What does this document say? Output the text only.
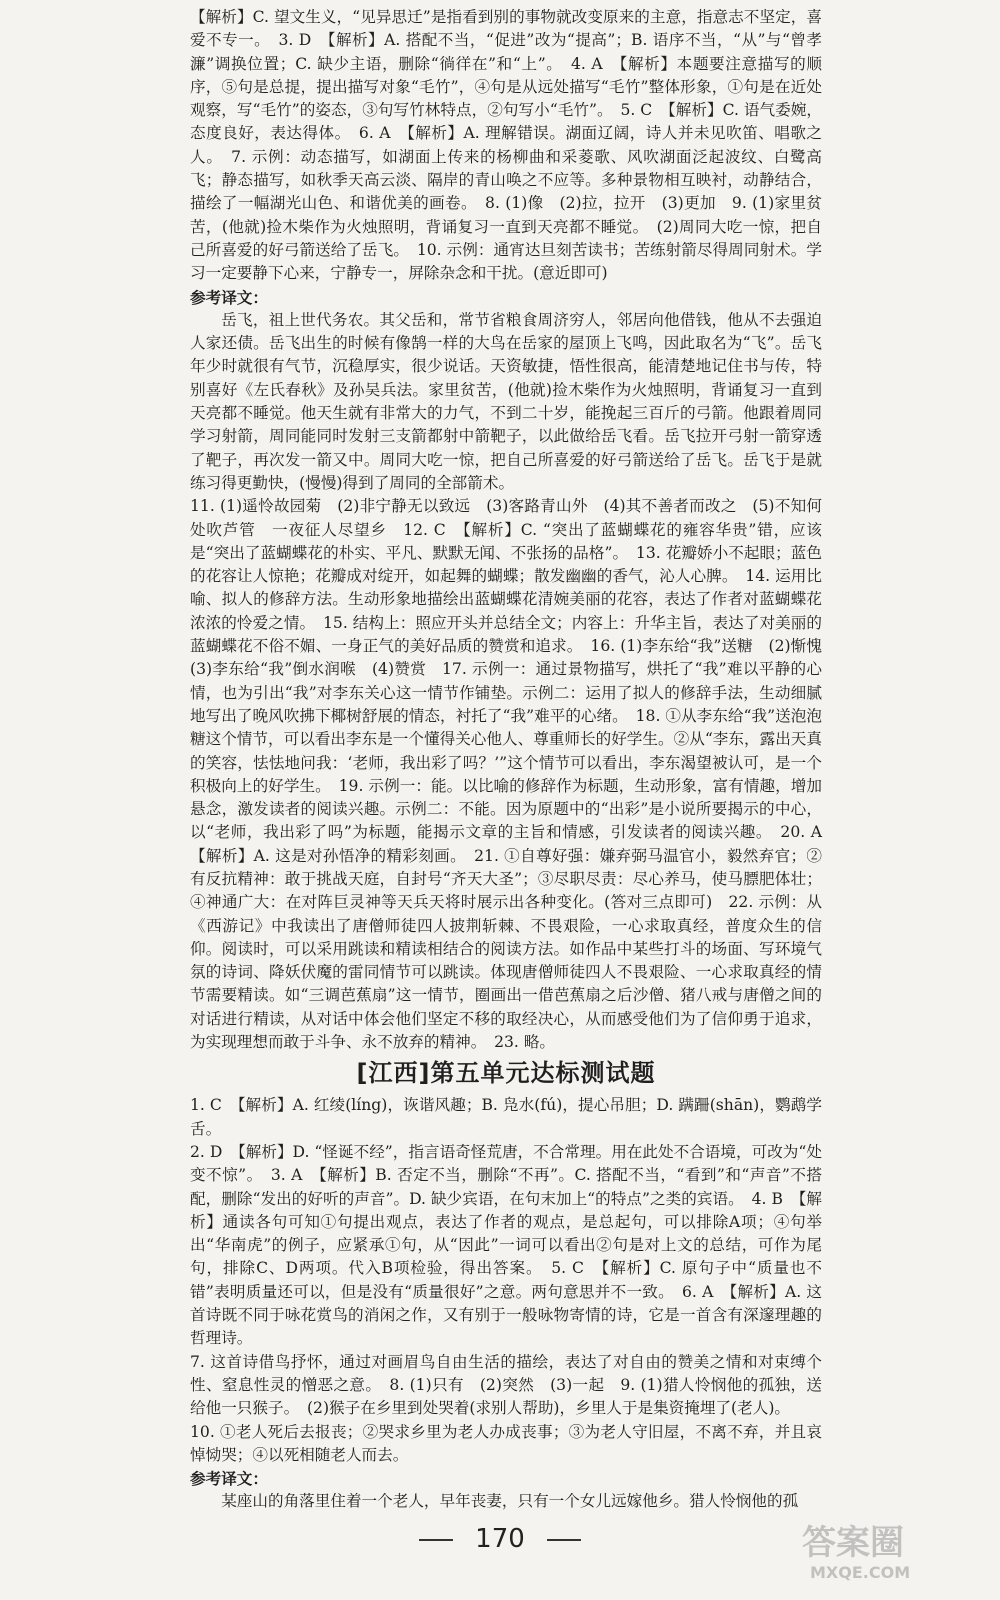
【解析】C. 望文生义，“见异思迁”是指看到别的事物就改变原来的主意，指意志不坚定，喜爱不专一。　3. D　【解析】A. 搭配不当，“促进”改为“提高”；B. 语序不当，“从”与“曾孝濂”调换位置；C. 缺少主语，删除“徜徉在”和“上”。　4. A　【解析】本题要注意描写的顺序，⑤句是总提，提出描写对象“毛竹”，④句是从远处描写“毛竹”整体形象，①句是在近处观察，写“毛竹”的姿态，③句写竹林特点，②句写小“毛竹”。　5. C　【解析】C. 语气委婉，态度良好，表达得体。　6. A　【解析】A. 理解错误。湖面辽阔，诗人并未见吹笛、唱歌之人。　7. 示例：动态描写，如湖面上传来的杨柳曲和采菱歌、风吹湖面泛起波纹、白鹭高飞；静态描写，如秋季天高云淡、隔岸的青山唤之不应等。多种景物相互映衬，动静结合，描绘了一幅湖光山色、和谐优美的画卷。　8. (1)像　(2)拉，拉开　(3)更加　9. (1)家里贫苦，(他就)捡木柴作为火烛照明，背诵复习一直到天亮都不睡觉。　(2)周同大吃一惊，把自己所喜爱的好弓箭送给了岳飞。　10. 示例：通宵达旦刻苦读书；苦练射箭尽得周同射术。学习一定要静下心来，宁静专一，屏除杂念和干扰。(意近即可)

参考译文：

岳飞，祖上世代务农。其父岳和，常节省粮食周济穷人，邻居向他借钱，他从不去强迫人家还债。岳飞出生的时候有像鹄一样的大鸟在岳家的屋顶上飞鸣，因此取名为“飞”。岳飞年少时就很有气节，沉稳厚实，很少说话。天资敏捷，悟性很高，能清楚地记住书与传，特别喜好《左氏春秋》及孙吴兵法。家里贫苦，(他就)捡木柴作为火烛照明，背诵复习一直到天亮都不睡觉。他天生就有非常大的力气，不到二十岁，能挽起三百斤的弓箭。他跟着周同学习射箭，周同能同时发射三支箭都射中箭靶子，以此做给岳飞看。岳飞拉开弓射一箭穿透了靶子，再次发一箭又中。周同大吃一惊，把自己所喜爱的好弓箭送给了岳飞。岳飞于是就练习得更勤快，(慢慢)得到了周同的全部箭术。

11. (1)遥怜故园菊　(2)非宁静无以致远　(3)客路青山外　(4)其不善者而改之　(5)不知何处吹芦管　一夜征人尽望乡　12. C　【解析】C. “突出了蓝蝴蝶花的雍容华贵”错，应该是“突出了蓝蝴蝶花的朴实、平凡、默默无闻、不张扬的品格”。　13. 花瓣娇小不起眼；蓝色的花容让人惊艳；花瓣成对绽开，如起舞的蝴蝶；散发幽幽的香气，沁人心脾。　14. 运用比喻、拟人的修辞方法。生动形象地描绘出蓝蝴蝶花清婉美丽的花容，表达了作者对蓝蝴蝶花浓浓的怜爱之情。　15. 结构上：照应开头并总结全文；内容上：升华主旨，表达了对美丽的蓝蝴蝶花不俗不媚、一身正气的美好品质的赞赏和追求。　16. (1)李东给“我”送糖　(2)惭愧　(3)李东给“我”倒水润喉　(4)赞赏　17. 示例一：通过景物描写，烘托了“我”难以平静的心情，也为引出“我”对李东关心这一情节作铺垫。示例二：运用了拟人的修辞手法，生动细腻地写出了晚风吹拂下椰树舒展的情态，衬托了“我”难平的心绪。　18. ①从李东给“我”送泡泡糖这个情节，可以看出李东是一个懂得关心他人、尊重师长的好学生。②从“李东，露出天真的笑容，怯怯地问我：‘老师，我出彩了吗？’”这个情节可以看出，李东渴望被认可，是一个积极向上的好学生。　19. 示例一：能。以比喻的修辞作为标题，生动形象，富有情趣，增加悬念，激发读者的阅读兴趣。示例二：不能。因为原题中的“出彩”是小说所要揭示的中心，以“老师，我出彩了吗”为标题，能揭示文章的主旨和情感，引发读者的阅读兴趣。　20. A　【解析】A. 这是对孙悟净的精彩刻画。　21. ①自尊好强：嫌弃弼马温官小，毅然弃官；②有反抗精神：敢于挑战天庭，自封号“齐天大圣”；③尽职尽责：尽心养马，使马膘肥体壮；④神通广大：在对阵巨灵神等天兵天将时展示出各种变化。(答对三点即可)　22. 示例：从《西游记》中我读出了唐僧师徒四人披荆斩棘、不畏艰险，一心求取真经，普度众生的信仰。阅读时，可以采用跳读和精读相结合的阅读方法。如作品中某些打斗的场面、写环境气氛的诗词、降妖伏魔的雷同情节可以跳读。体现唐僧师徒四人不畏艰险、一心求取真经的情节需要精读。如“三调芭蕉扇”这一情节，圈画出一借芭蕉扇之后沙僧、猪八戒与唐僧之间的对话进行精读，从对话中体会他们坚定不移的取经决心，从而感受他们为了信仰勇于追求，为实现理想而敢于斗争、永不放弃的精神。　23. 略。

[江西]第五单元达标测试题

1. C　【解析】A. 红绫(líng)，诙谐风趣；B. 凫水(fú)，提心吊胆；D. 蹒跚(shān)，鹦鹉学舌。

2. D　【解析】D. “怪诞不经”，指言语奇怪荒唐，不合常理。用在此处不合语境，可改为“处变不惊”。　3. A　【解析】B. 否定不当，删除“不再”。C. 搭配不当，“看到”和“声音”不搭配，删除“发出的好听的声音”。D. 缺少宾语，在句末加上“的特点”之类的宾语。　4. B　【解析】通读各句可知①句提出观点，表达了作者的观点，是总起句，可以排除A项；④句举出“华南虎”的例子，应紧承①句，从“因此”一词可以看出②句是对上文的总结，可作为尾句，排除C、D两项。代入B项检验，得出答案。　5. C　【解析】C. 原句子中“质量也不错”表明质量还可以，但是没有“质量很好”之意。两句意思并不一致。　6. A　【解析】A. 这首诗既不同于咏花赏鸟的消闲之作，又有别于一般咏物寄情的诗，它是一首含有深邃理趣的哲理诗。

7. 这首诗借鸟抒怀，通过对画眉鸟自由生活的描绘，表达了对自由的赞美之情和对束缚个性、窒息性灵的憎恶之意。　8. (1)只有　(2)突然　(3)一起　9. (1)猎人怜悯他的孤独，送给他一只猴子。　(2)猴子在乡里到处哭着(求别人帮助)，乡里人于是集资掩埋了(老人)。

10. ①老人死后去报丧；②哭求乡里为老人办成丧事；③为老人守旧屋，不离不弃，并且哀悼恸哭；④以死相随老人而去。

参考译文：

某座山的角落里住着一个老人，早年丧妻，只有一个女儿远嫁他乡。猎人怜悯他的孤

170	答案圈
MXQE.COM
